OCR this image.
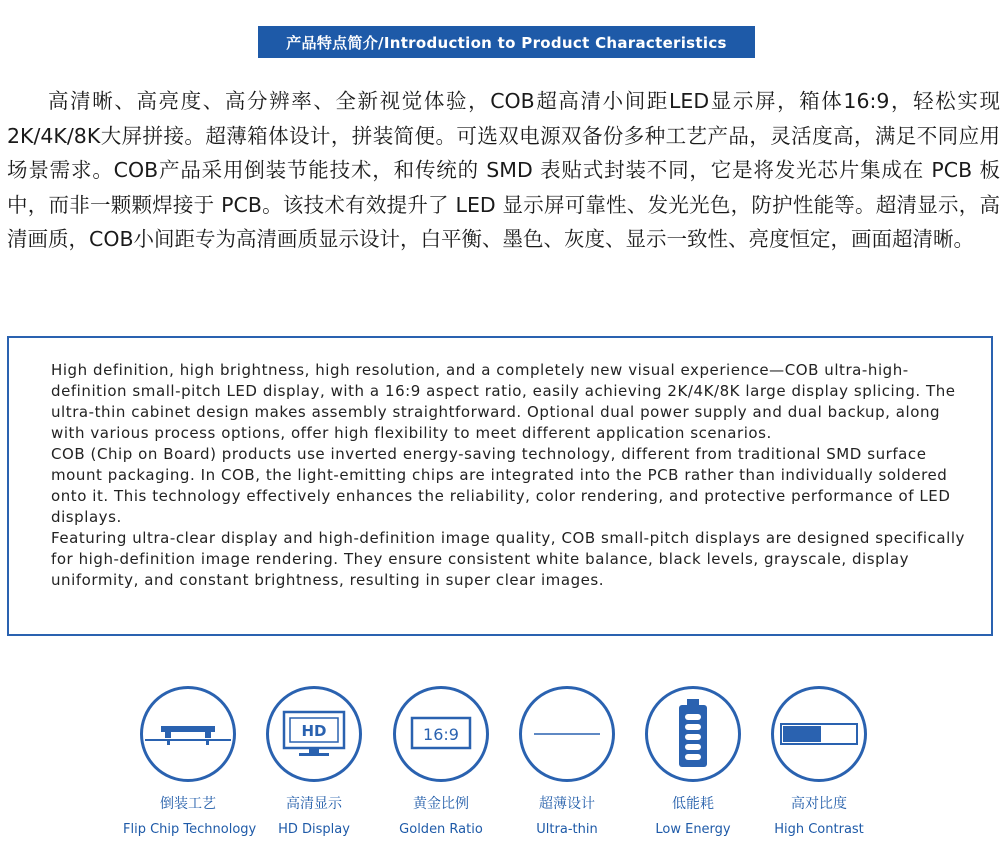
产品特点简介/Introduction to Product Characteristics

高清晰、高亮度、高分辨率、全新视觉体验，COB超高清小间距LED显示屏，箱体16:9，轻松实现2K/4K/8K大屏拼接。超薄箱体设计，拼装简便。可选双电源双备份多种工艺产品，灵活度高，满足不同应用场景需求。COB产品采用倒装节能技术，和传统的 SMD 表贴式封装不同，它是将发光芯片集成在 PCB 板中，而非一颗颗焊接于 PCB。该技术有效提升了 LED 显示屏可靠性、发光光色，防护性能等。超清显示，高清画质，COB小间距专为高清画质显示设计，白平衡、墨色、灰度、显示一致性、亮度恒定，画面超清晰。

High definition, high brightness, high resolution, and a completely new visual experience—COB ultra-high-definition small-pitch LED display, with a 16:9 aspect ratio, easily achieving 2K/4K/8K large display splicing. The ultra-thin cabinet design makes assembly straightforward. Optional dual power supply and dual backup, along with various process options, offer high flexibility to meet different application scenarios.

COB (Chip on Board) products use inverted energy-saving technology, different from traditional SMD surface mount packaging. In COB, the light-emitting chips are integrated into the PCB rather than individually soldered onto it. This technology effectively enhances the reliability, color rendering, and protective performance of LED displays.

Featuring ultra-clear display and high-definition image quality, COB small-pitch displays are designed specifically for high-definition image rendering. They ensure consistent white balance, black levels, grayscale, display uniformity, and constant brightness, resulting in super clear images.

倒装工艺
Flip Chip Technology
HD
高清显示
HD Display
16:9
黄金比例
Golden Ratio
超薄设计
Ultra-thin
低能耗
Low Energy
高对比度
High Contrast
